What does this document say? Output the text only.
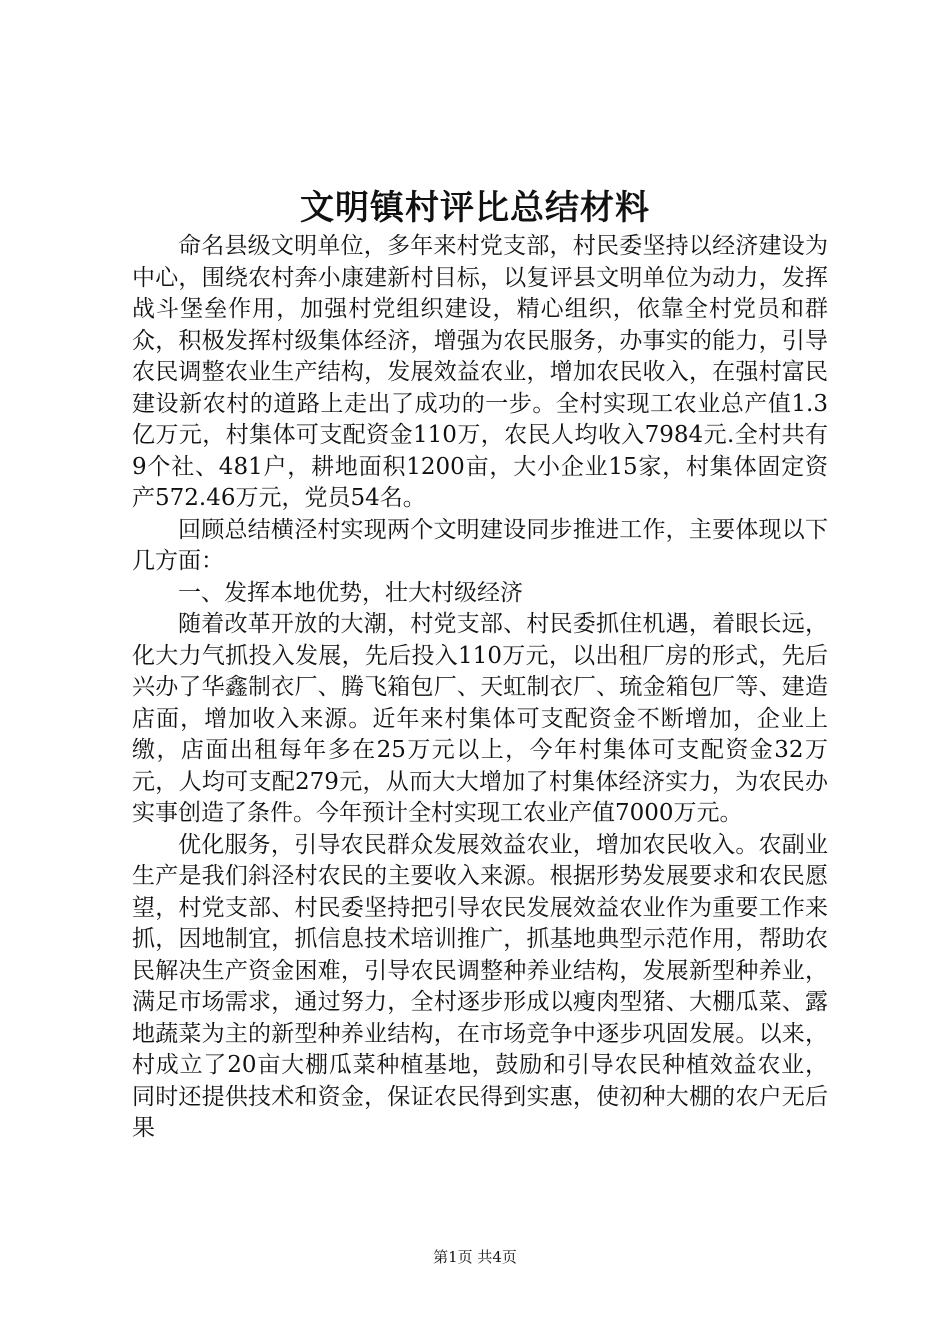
文明镇村评比总结材料

命名县级文明单位，多年来村党支部，村民委坚持以经济建设为中心，围绕农村奔小康建新村目标，以复评县文明单位为动力，发挥战斗堡垒作用，加强村党组织建设，精心组织，依靠全村党员和群众，积极发挥村级集体经济，增强为农民服务，办事实的能力，引导农民调整农业生产结构，发展效益农业，增加农民收入，在强村富民建设新农村的道路上走出了成功的一步。全村实现工农业总产值1.3亿万元，村集体可支配资金110万，农民人均收入7984元.全村共有9个社、481户，耕地面积1200亩，大小企业15家，村集体固定资产572.46万元，党员54名。

回顾总结横泾村实现两个文明建设同步推进工作，主要体现以下几方面：

一、发挥本地优势，壮大村级经济

随着改革开放的大潮，村党支部、村民委抓住机遇，着眼长远，化大力气抓投入发展，先后投入110万元，以出租厂房的形式，先后兴办了华鑫制衣厂、腾飞箱包厂、天虹制衣厂、琉金箱包厂等、建造店面，增加收入来源。近年来村集体可支配资金不断增加，企业上缴，店面出租每年多在25万元以上，今年村集体可支配资金32万元，人均可支配279元，从而大大增加了村集体经济实力，为农民办实事创造了条件。今年预计全村实现工农业产值7000万元。

优化服务，引导农民群众发展效益农业，增加农民收入。农副业生产是我们斜泾村农民的主要收入来源。根据形势发展要求和农民愿望，村党支部、村民委坚持把引导农民发展效益农业作为重要工作来抓，因地制宜，抓信息技术培训推广，抓基地典型示范作用，帮助农民解决生产资金困难，引导农民调整种养业结构，发展新型种养业，满足市场需求，通过努力，全村逐步形成以瘦肉型猪、大棚瓜菜、露地蔬菜为主的新型种养业结构，在市场竞争中逐步巩固发展。以来，村成立了20亩大棚瓜菜种植基地，鼓励和引导农民种植效益农业，同时还提供技术和资金，保证农民得到实惠，使初种大棚的农户无后果

第1页 共4页
